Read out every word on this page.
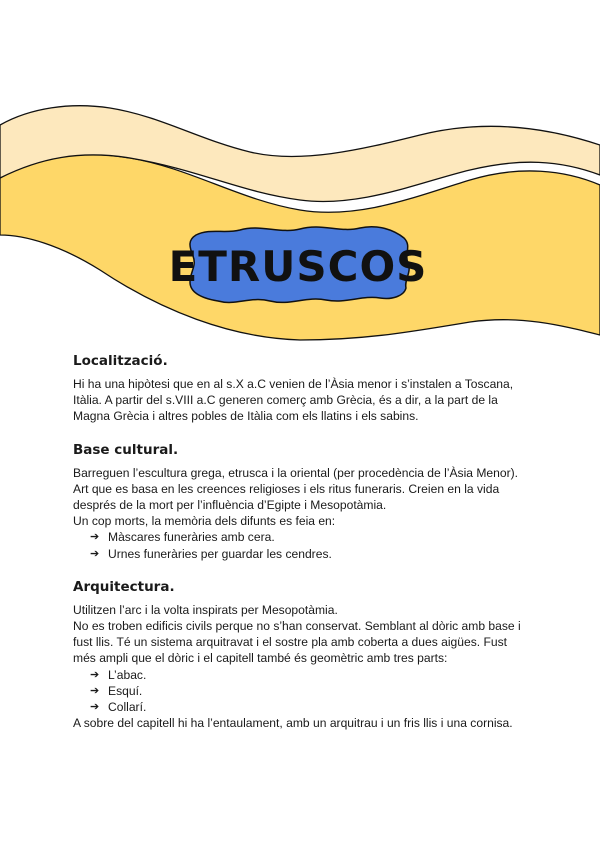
ETRUSCOS

Localització.

Hi ha una hipòtesi que en al s.X a.C venien de l’Àsia menor i s’instalen a Toscana, Itàlia. A partir del s.VIII a.C generen comerç amb Grècia, és a dir, a la part de la Magna Grècia i altres pobles de Itàlia com els llatins i els sabins.

Base cultural.

Barreguen l’escultura grega, etrusca i la oriental (per procedència de l’Àsia Menor). Art que es basa en les creences religioses i els ritus funeraris. Creien en la vida després de la mort per l’influència d’Egipte i Mesopotàmia.

Un cop morts, la memòria dels difunts es feia en:

➔ Màscares funeràries amb cera.
➔ Urnes funeràries per guardar les cendres.

Arquitectura.

Utilitzen l’arc i la volta inspirats per Mesopotàmia.

No es troben edificis civils perque no s’han conservat. Semblant al dòric amb base i fust llis. Té un sistema arquitravat i el sostre pla amb coberta a dues aigües. Fust més ampli que el dòric i el capitell també és geomètric amb tres parts:

➔ L’abac.
➔ Esquí.
➔ Collarí.

A sobre del capitell hi ha l’entaulament, amb un arquitrau i un fris llis i una cornisa.
